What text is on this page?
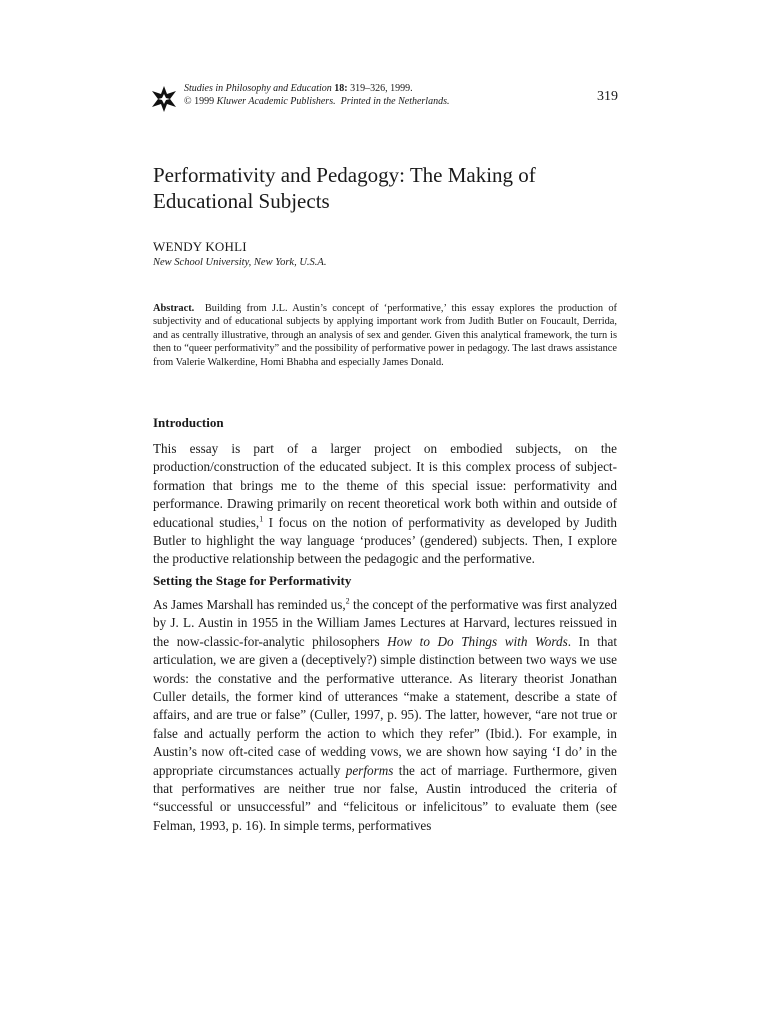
Studies in Philosophy and Education 18: 319–326, 1999.
© 1999 Kluwer Academic Publishers. Printed in the Netherlands.	319
Performativity and Pedagogy: The Making of Educational Subjects
WENDY KOHLI
New School University, New York, U.S.A.

Abstract. Building from J.L. Austin’s concept of ‘performative,’ this essay explores the production of subjectivity and of educational subjects by applying important work from Judith Butler on Foucault, Derrida, and as centrally illustrative, through an analysis of sex and gender. Given this analytical framework, the turn is then to “queer performativity” and the possibility of performative power in pedagogy. The last draws assistance from Valerie Walkerdine, Homi Bhabha and especially James Donald.

Introduction

This essay is part of a larger project on embodied subjects, on the production/construction of the educated subject. It is this complex process of subject-formation that brings me to the theme of this special issue: performativity and performance. Drawing primarily on recent theoretical work both within and outside of educational studies,$^1$ I focus on the notion of performativity as developed by Judith Butler to highlight the way language ‘produces’ (gendered) subjects. Then, I explore the productive relationship between the pedagogic and the performative.

Setting the Stage for Performativity

As James Marshall has reminded us,$^2$ the concept of the performative was first analyzed by J. L. Austin in 1955 in the William James Lectures at Harvard, lectures reissued in the now-classic-for-analytic philosophers How to Do Things with Words. In that articulation, we are given a (deceptively?) simple distinction between two ways we use words: the constative and the performative utterance. As literary theorist Jonathan Culler details, the former kind of utterances “make a statement, describe a state of affairs, and are true or false” (Culler, 1997, p. 95). The latter, however, “are not true or false and actually perform the action to which they refer” (Ibid.). For example, in Austin’s now oft-cited case of wedding vows, we are shown how saying ‘I do’ in the appropriate circumstances actually performs the act of marriage. Furthermore, given that performatives are neither true nor false, Austin introduced the criteria of “successful or unsuccessful” and “felicitous or infelicitous” to evaluate them (see Felman, 1993, p. 16). In simple terms, performatives
